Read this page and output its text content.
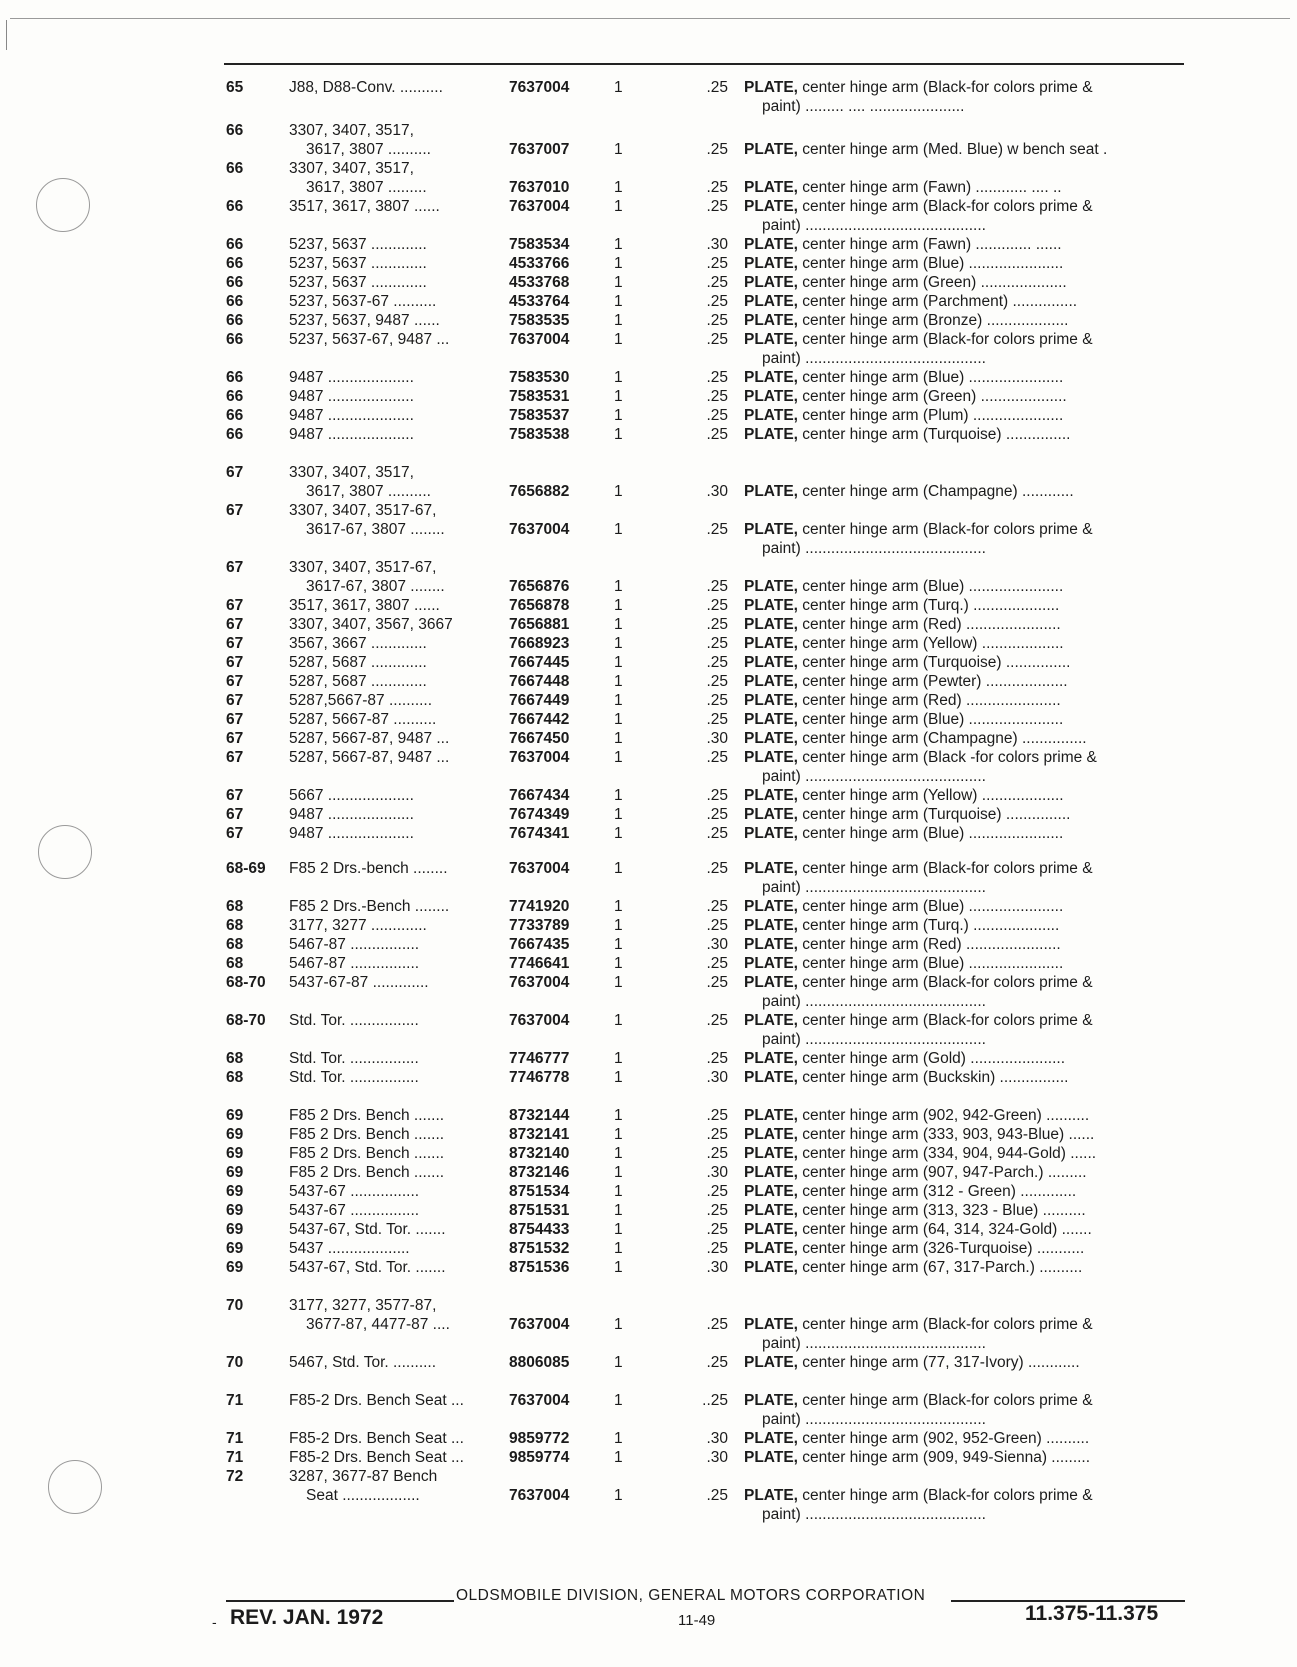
65	J88, D88-Conv. ..........	7637004	1	.25 PLATE, center hinge arm (Black-for colors prime &
paint) ......... .... ......................
66	3307, 3407, 3517,
3617, 3807 ..........	7637007	1	.25 PLATE, center hinge arm (Med. Blue) w bench seat .
66	3307, 3407, 3517,
3617, 3807 .........	7637010	1	.25 PLATE, center hinge arm (Fawn) ............ .... ..
66	3517, 3617, 3807 ......	7637004	1	.25 PLATE, center hinge arm (Black-for colors prime &
paint) ..........................................
66	5237, 5637 .............	7583534	1	.30 PLATE, center hinge arm (Fawn) ............. ......
66	5237, 5637 .............	4533766	1	.25 PLATE, center hinge arm (Blue) ......................
66	5237, 5637 .............	4533768	1	.25 PLATE, center hinge arm (Green) ....................
66	5237, 5637-67 ..........	4533764	1	.25 PLATE, center hinge arm (Parchment) ...............
66	5237, 5637, 9487 ......	7583535	1	.25 PLATE, center hinge arm (Bronze) ...................
66	5237, 5637-67, 9487 ...	7637004	1	.25 PLATE, center hinge arm (Black-for colors prime &
paint) ..........................................
66	9487 ....................	7583530	1	.25 PLATE, center hinge arm (Blue) ......................
66	9487 ....................	7583531	1	.25 PLATE, center hinge arm (Green) ....................
66	9487 ....................	7583537	1	.25 PLATE, center hinge arm (Plum) .....................
66	9487 ....................	7583538	1	.25 PLATE, center hinge arm (Turquoise) ...............
67	3307, 3407, 3517,
3617, 3807 ..........	7656882	1	.30 PLATE, center hinge arm (Champagne) ............
67	3307, 3407, 3517-67,
3617-67, 3807 ........	7637004	1	.25 PLATE, center hinge arm (Black-for colors prime &
paint) ..........................................
67	3307, 3407, 3517-67,
3617-67, 3807 ........	7656876	1	.25 PLATE, center hinge arm (Blue) ......................
67	3517, 3617, 3807 ......	7656878	1	.25 PLATE, center hinge arm (Turq.) ....................
67	3307, 3407, 3567, 3667	7656881	1	.25 PLATE, center hinge arm (Red) ......................
67	3567, 3667 .............	7668923	1	.25 PLATE, center hinge arm (Yellow) ...................
67	5287, 5687 .............	7667445	1	.25 PLATE, center hinge arm (Turquoise) ...............
67	5287, 5687 .............	7667448	1	.25 PLATE, center hinge arm (Pewter) ...................
67	5287,5667-87 ..........	7667449	1	.25 PLATE, center hinge arm (Red) ......................
67	5287, 5667-87 ..........	7667442	1	.25 PLATE, center hinge arm (Blue) ......................
67	5287, 5667-87, 9487 ...	7667450	1	.30 PLATE, center hinge arm (Champagne) ...............
67	5287, 5667-87, 9487 ...	7637004	1	.25 PLATE, center hinge arm (Black -for colors prime &
paint) ..........................................
67	5667 ....................	7667434	1	.25 PLATE, center hinge arm (Yellow) ...................
67	9487 ....................	7674349	1	.25 PLATE, center hinge arm (Turquoise) ...............
67	9487 ....................	7674341	1	.25 PLATE, center hinge arm (Blue) ......................
68-69 F85 2 Drs.-bench ........	7637004	1	.25 PLATE, center hinge arm (Black-for colors prime &
paint) ..........................................
68	F85 2 Drs.-Bench ........	7741920	1	.25 PLATE, center hinge arm (Blue) ......................
68	3177, 3277 .............	7733789	1	.25 PLATE, center hinge arm (Turq.) ....................
68	5467-87 ................	7667435	1	.30 PLATE, center hinge arm (Red) ......................
68	5467-87 ................	7746641	1	.25 PLATE, center hinge arm (Blue) ......................
68-70 5437-67-87 .............	7637004	1	.25 PLATE, center hinge arm (Black-for colors prime &
paint) ..........................................
68-70 Std. Tor. ................	7637004	1	.25 PLATE, center hinge arm (Black-for colors prime &
paint) ..........................................
68	Std. Tor. ................	7746777	1	.25 PLATE, center hinge arm (Gold) ......................
68	Std. Tor. ................	7746778	1	.30 PLATE, center hinge arm (Buckskin) ................
69	F85 2 Drs. Bench .......	8732144	1	.25 PLATE, center hinge arm (902, 942-Green) ..........
69	F85 2 Drs. Bench .......	8732141	1	.25 PLATE, center hinge arm (333, 903, 943-Blue) ......
69	F85 2 Drs. Bench .......	8732140	1	.25 PLATE, center hinge arm (334, 904, 944-Gold) ......
69	F85 2 Drs. Bench .......	8732146	1	.30 PLATE, center hinge arm (907, 947-Parch.) .........
69	5437-67 ................	8751534	1	.25 PLATE, center hinge arm (312 - Green) .............
69	5437-67 ................	8751531	1	.25 PLATE, center hinge arm (313, 323 - Blue) ..........
69	5437-67, Std. Tor. .......	8754433	1	.25 PLATE, center hinge arm (64, 314, 324-Gold) .......
69	5437 ...................	8751532	1	.25 PLATE, center hinge arm (326-Turquoise) ...........
69	5437-67, Std. Tor. .......	8751536	1	.30 PLATE, center hinge arm (67, 317-Parch.) ..........
70	3177, 3277, 3577-87,
3677-87, 4477-87 ....	7637004	1	.25 PLATE, center hinge arm (Black-for colors prime &
paint) ..........................................
70	5467, Std. Tor. ..........	8806085	1	.25 PLATE, center hinge arm (77, 317-Ivory) ............
71	F85-2 Drs. Bench Seat ...	7637004	1	..25 PLATE, center hinge arm (Black-for colors prime &
paint) ..........................................
71	F85-2 Drs. Bench Seat ...	9859772	1	.30 PLATE, center hinge arm (902, 952-Green) ..........
71	F85-2 Drs. Bench Seat ...	9859774	1	.30 PLATE, center hinge arm (909, 949-Sienna) .........
72	3287, 3677-87 Bench
Seat ..................	7637004	1	.25 PLATE, center hinge arm (Black-for colors prime &
paint) ..........................................
OLDSMOBILE DIVISION, GENERAL MOTORS CORPORATION
- REV. JAN. 1972	11-49	11.375-11.375
